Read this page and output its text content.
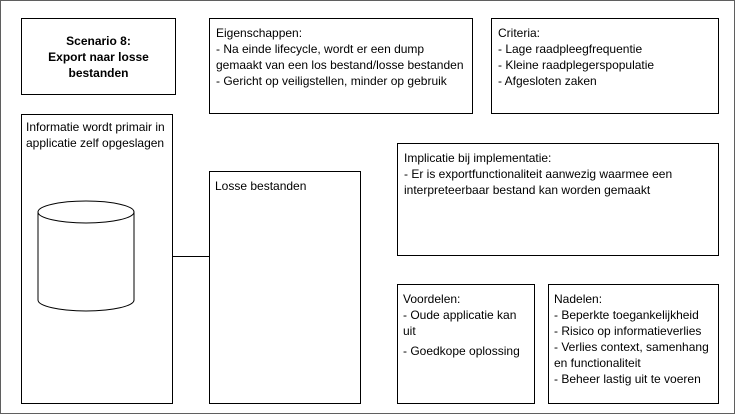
Scenario 8:
Export naar losse
bestanden
Eigenschappen:
- Na einde lifecycle, wordt er een dump gemaakt van een los bestand/losse bestanden
- Gericht op veiligstellen, minder op gebruik
Criteria:
- Lage raadpleegfrequentie
- Kleine raadplegerspopulatie
- Afgesloten zaken
Informatie wordt primair in applicatie zelf opgeslagen
Losse bestanden
Implicatie bij implementatie:
- Er is exportfunctionaliteit aanwezig waarmee een interpreteerbaar bestand kan worden gemaakt
Voordelen:
- Oude applicatie kan uit
- Goedkope oplossing
Nadelen:
- Beperkte toegankelijkheid
- Risico op informatieverlies
- Verlies context, samenhang en functionaliteit
- Beheer lastig uit te voeren
